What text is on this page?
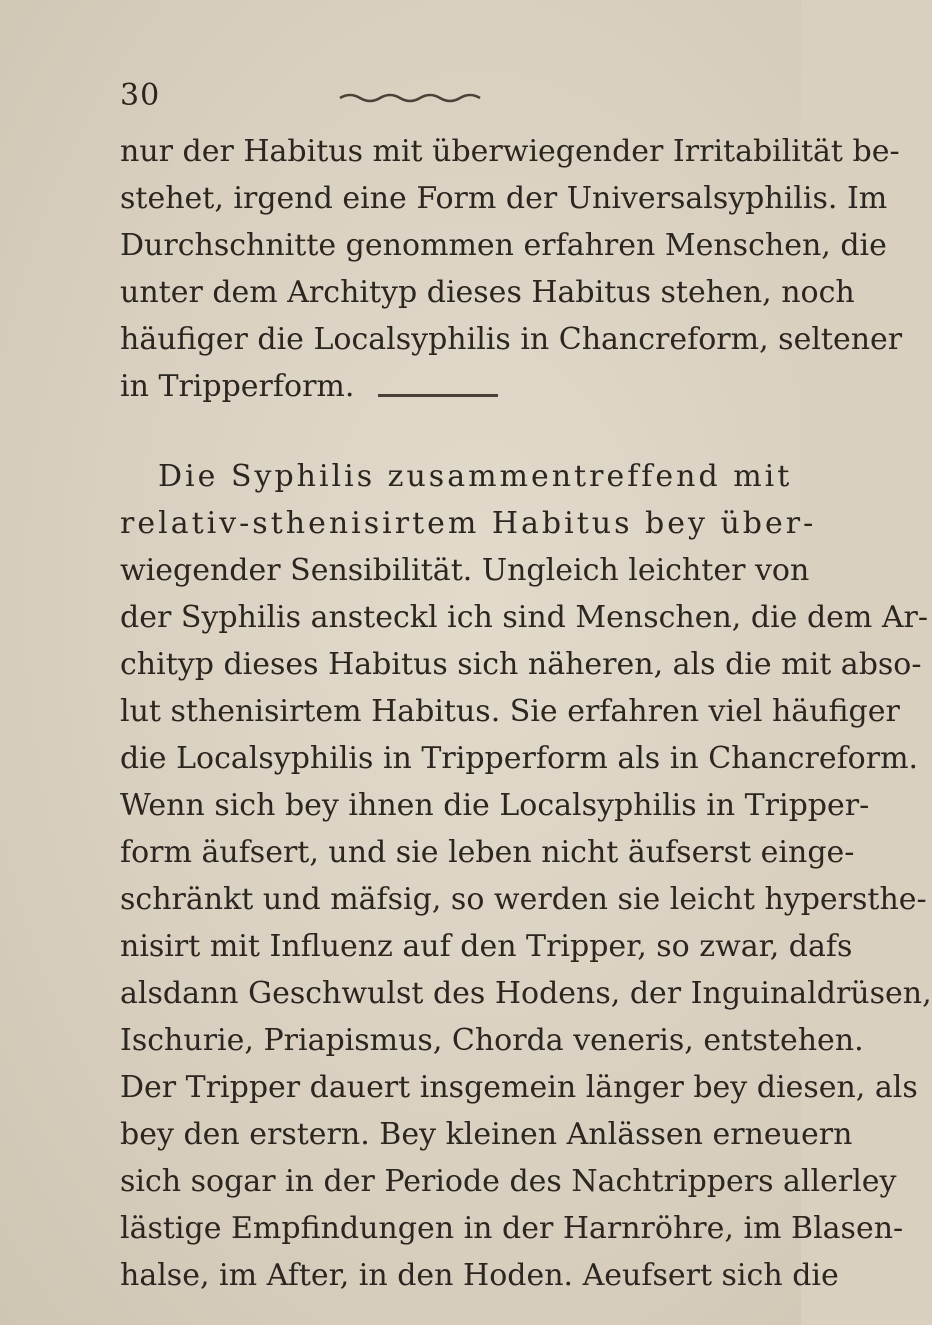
30
nur der Habitus mit überwiegender Irritabilität be-
stehet, irgend eine Form der Universalsyphilis. Im
Durchschnitte genommen erfahren Menschen, die
unter dem Archityp dieses Habitus stehen, noch
häufiger die Localsyphilis in Chancreform, seltener
in Tripperform.
Die Syphilis zusammentreffend mit
relativ-sthenisirtem Habitus bey über-
wiegender Sensibilität. Ungleich leichter von
der Syphilis ansteckl ich sind Menschen, die dem Ar-
chityp dieses Habitus sich näheren, als die mit abso-
lut sthenisirtem Habitus. Sie erfahren viel häufiger
die Localsyphilis in Tripperform als in Chancreform.
Wenn sich bey ihnen die Localsyphilis in Tripper-
form äufsert, und sie leben nicht äufserst einge-
schränkt und mäfsig, so werden sie leicht hypersthe-
nisirt mit Influenz auf den Tripper, so zwar, dafs
alsdann Geschwulst des Hodens, der Inguinaldrüsen,
Ischurie, Priapismus, Chorda veneris, entstehen.
Der Tripper dauert insgemein länger bey diesen, als
bey den erstern. Bey kleinen Anlässen erneuern
sich sogar in der Periode des Nachtrippers allerley
lästige Empfindungen in der Harnröhre, im Blasen-
halse, im After, in den Hoden. Aeufsert sich die
